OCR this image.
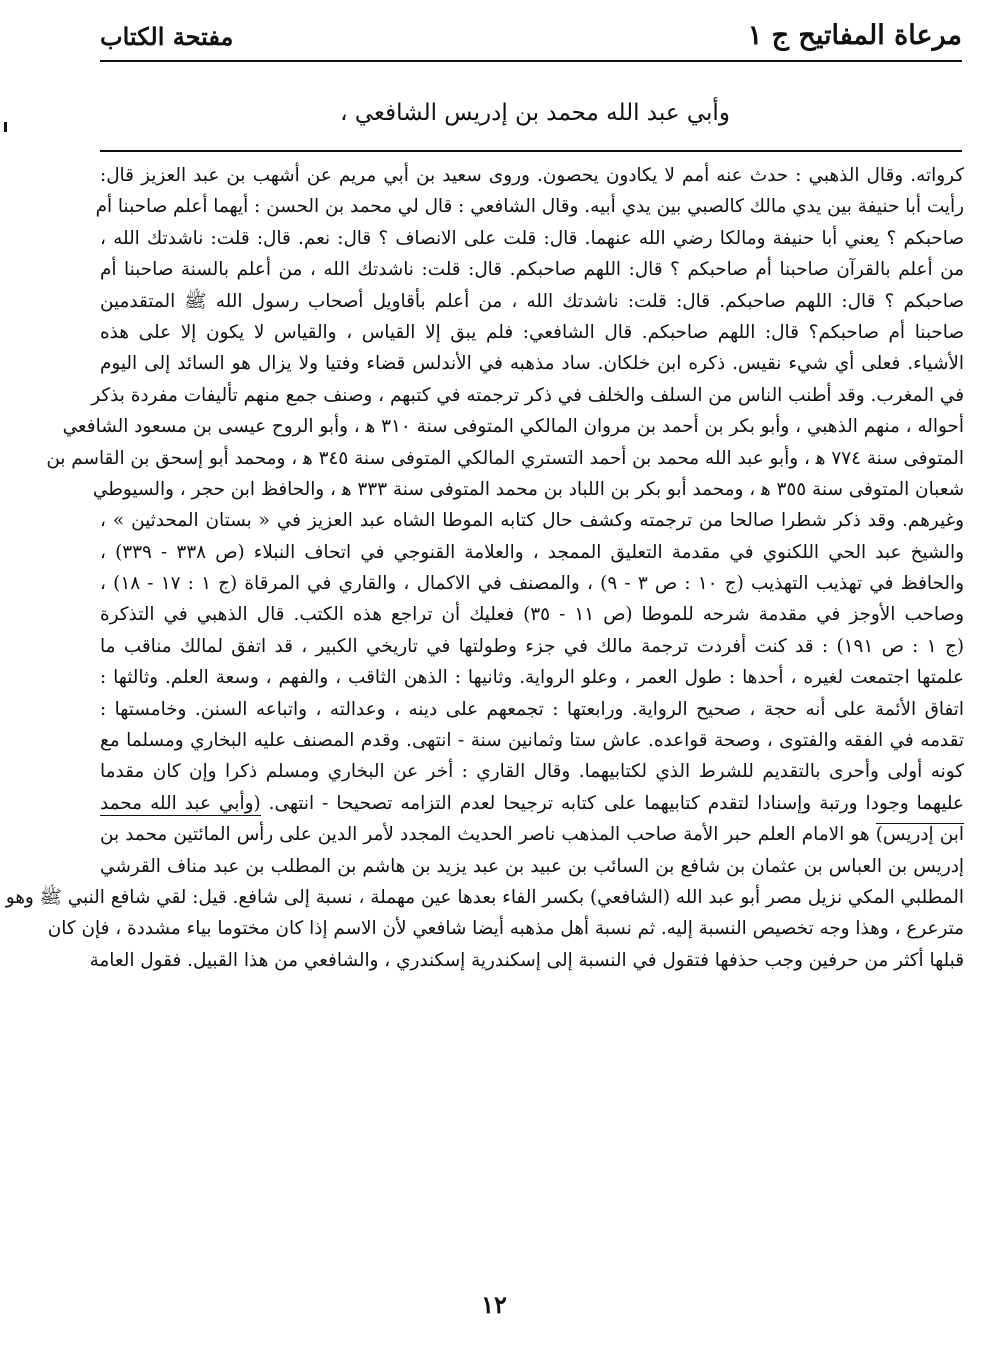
مرعاة المفاتيح ج ١
مفتحة الكتاب
وأبي عبد الله محمد بن إدريس الشافعي ،
كرواته. وقال الذهبي : حدث عنه أمم لا يكادون يحصون. وروى سعيد بن أبي مريم عن أشهب بن عبد العزيز قال:
رأيت أبا حنيفة بين يدي مالك كالصبي بين يدي أبيه. وقال الشافعي : قال لي محمد بن الحسن : أيهما أعلم صاحبنا أم
صاحبكم ؟ يعني أبا حنيفة ومالكا رضي الله عنهما. قال: قلت على الانصاف ؟ قال: نعم. قال: قلت: ناشدتك الله ،
من أعلم بالقرآن صاحبنا أم صاحبكم ؟ قال: اللهم صاحبكم. قال: قلت: ناشدتك الله ، من أعلم بالسنة صاحبنا أم
صاحبكم ؟ قال: اللهم صاحبكم. قال: قلت: ناشدتك الله ، من أعلم بأقاويل أصحاب رسول الله ﷺ المتقدمين
صاحبنا أم صاحبكم؟ قال: اللهم صاحبكم. قال الشافعي: فلم يبق إلا القياس ، والقياس لا يكون إلا على هذه
الأشياء. فعلى أي شيء نقيس. ذكره ابن خلكان. ساد مذهبه في الأندلس قضاء وفتيا ولا يزال هو السائد إلى اليوم
في المغرب. وقد أطنب الناس من السلف والخلف في ذكر ترجمته في كتبهم ، وصنف جمع منهم تأليفات مفردة بذكر
أحواله ، منهم الذهبي ، وأبو بكر بن أحمد بن مروان المالكي المتوفى سنة ٣١٠ ﻫ ، وأبو الروح عيسى بن مسعود الشافعي
المتوفى سنة ٧٧٤ ﻫ ، وأبو عبد الله محمد بن أحمد التستري المالكي المتوفى سنة ٣٤٥ ﻫ ، ومحمد أبو إسحق بن القاسم بن
شعبان المتوفى سنة ٣٥٥ ﻫ ، ومحمد أبو بكر بن اللباد بن محمد المتوفى سنة ٣٣٣ ﻫ ، والحافظ ابن حجر ، والسيوطي
وغيرهم. وقد ذكر شطرا صالحا من ترجمته وكشف حال كتابه الموطا الشاه عبد العزيز في « بستان المحدثين » ،
والشيخ عبد الحي اللكنوي في مقدمة التعليق الممجد ، والعلامة القنوجي في اتحاف النبلاء (ص ٣٣٨ - ٣٣٩) ،
والحافظ في تهذيب التهذيب (ج ١٠ : ص ٣ - ٩) ، والمصنف في الاكمال ، والقاري في المرقاة (ج ١ : ١٧ - ١٨) ،
وصاحب الأوجز في مقدمة شرحه للموطا (ص ١١ - ٣٥) فعليك أن تراجع هذه الكتب. قال الذهبي في التذكرة
(ج ١ : ص ١٩١) : قد كنت أفردت ترجمة مالك في جزء وطولتها في تاريخي الكبير ، قد اتفق لمالك مناقب ما
علمتها اجتمعت لغيره ، أحدها : طول العمر ، وعلو الرواية. وثانيها : الذهن الثاقب ، والفهم ، وسعة العلم. وثالثها :
اتفاق الأئمة على أنه حجة ، صحيح الرواية. ورابعتها : تجمعهم على دينه ، وعدالته ، واتباعه السنن. وخامستها :
تقدمه في الفقه والفتوى ، وصحة قواعده. عاش ستا وثمانين سنة - انتهى. وقدم المصنف عليه البخاري ومسلما مع
كونه أولى وأحرى بالتقديم للشرط الذي لكتابيهما. وقال القاري : أخر عن البخاري ومسلم ذكرا وإن كان مقدما
عليهما وجودا ورتبة وإسنادا لتقدم كتابيهما على كتابه ترجيحا لعدم التزامه تصحيحا - انتهى. (وأبي عبد الله محمد
ابن إدريس) هو الامام العلم حبر الأمة صاحب المذهب ناصر الحديث المجدد لأمر الدين على رأس المائتين محمد بن
إدريس بن العباس بن عثمان بن شافع بن السائب بن عبيد بن عبد يزيد بن هاشم بن المطلب بن عبد مناف القرشي
المطلبي المكي نزيل مصر أبو عبد الله (الشافعي) بكسر الفاء بعدها عين مهملة ، نسبة إلى شافع. قيل: لقي شافع النبي ﷺ وهو
مترعرع ، وهذا وجه تخصيص النسبة إليه. ثم نسبة أهل مذهبه أيضا شافعي لأن الاسم إذا كان مختوما بياء مشددة ، فإن كان
قبلها أكثر من حرفين وجب حذفها فتقول في النسبة إلى إسكندرية إسكندري ، والشافعي من هذا القبيل. فقول العامة
١٢
